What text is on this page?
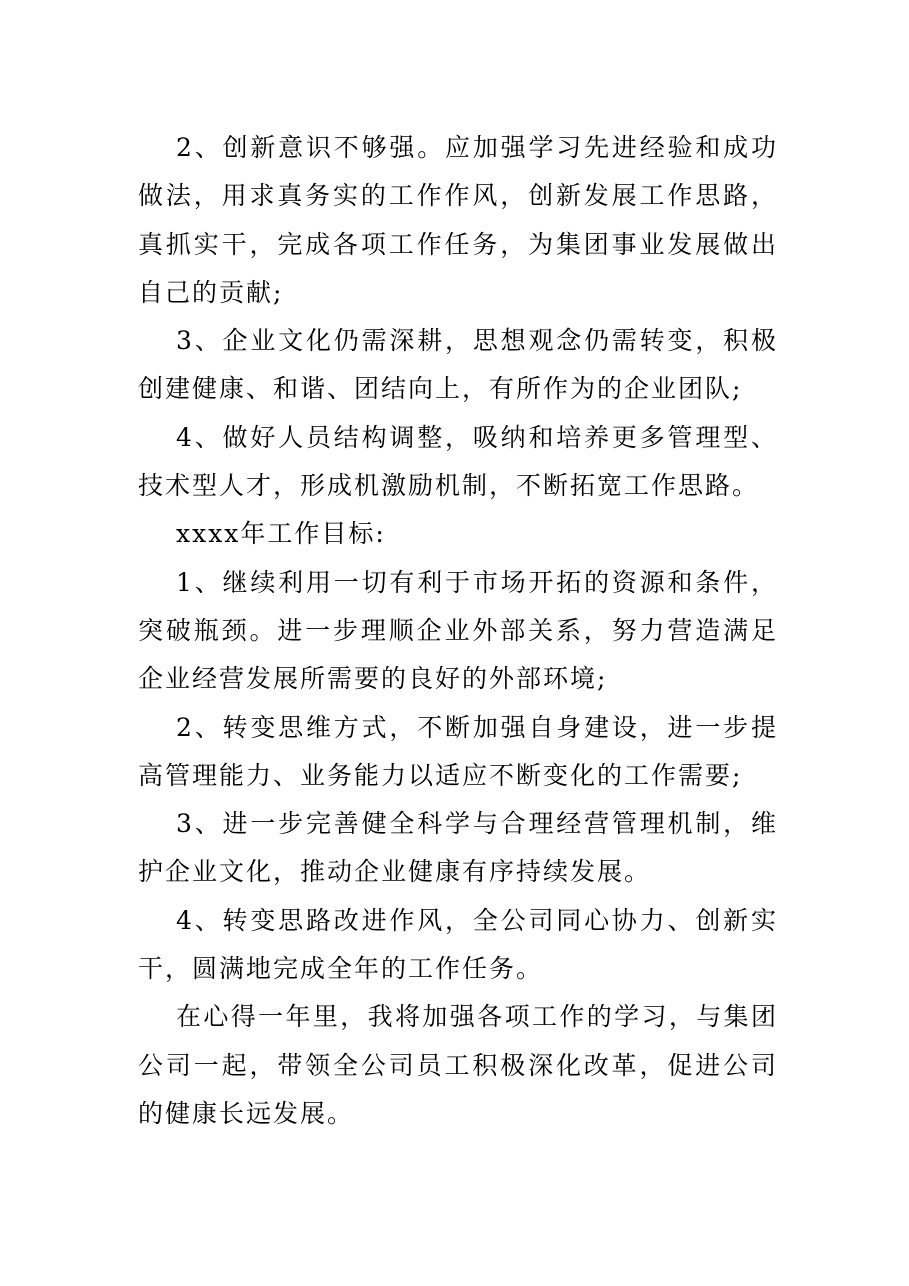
2、创新意识不够强。应加强学习先进经验和成功做法，用求真务实的工作作风，创新发展工作思路，真抓实干，完成各项工作任务，为集团事业发展做出自己的贡献;

3、企业文化仍需深耕，思想观念仍需转变，积极创建健康、和谐、团结向上，有所作为的企业团队;

4、做好人员结构调整，吸纳和培养更多管理型、技术型人才，形成机激励机制，不断拓宽工作思路。

xxxx年工作目标:

1、继续利用一切有利于市场开拓的资源和条件，突破瓶颈。进一步理顺企业外部关系，努力营造满足企业经营发展所需要的良好的外部环境;

2、转变思维方式，不断加强自身建设，进一步提高管理能力、业务能力以适应不断变化的工作需要;

3、进一步完善健全科学与合理经营管理机制，维护企业文化，推动企业健康有序持续发展。

4、转变思路改进作风，全公司同心协力、创新实干，圆满地完成全年的工作任务。

在心得一年里，我将加强各项工作的学习，与集团公司一起，带领全公司员工积极深化改革，促进公司的健康长远发展。
